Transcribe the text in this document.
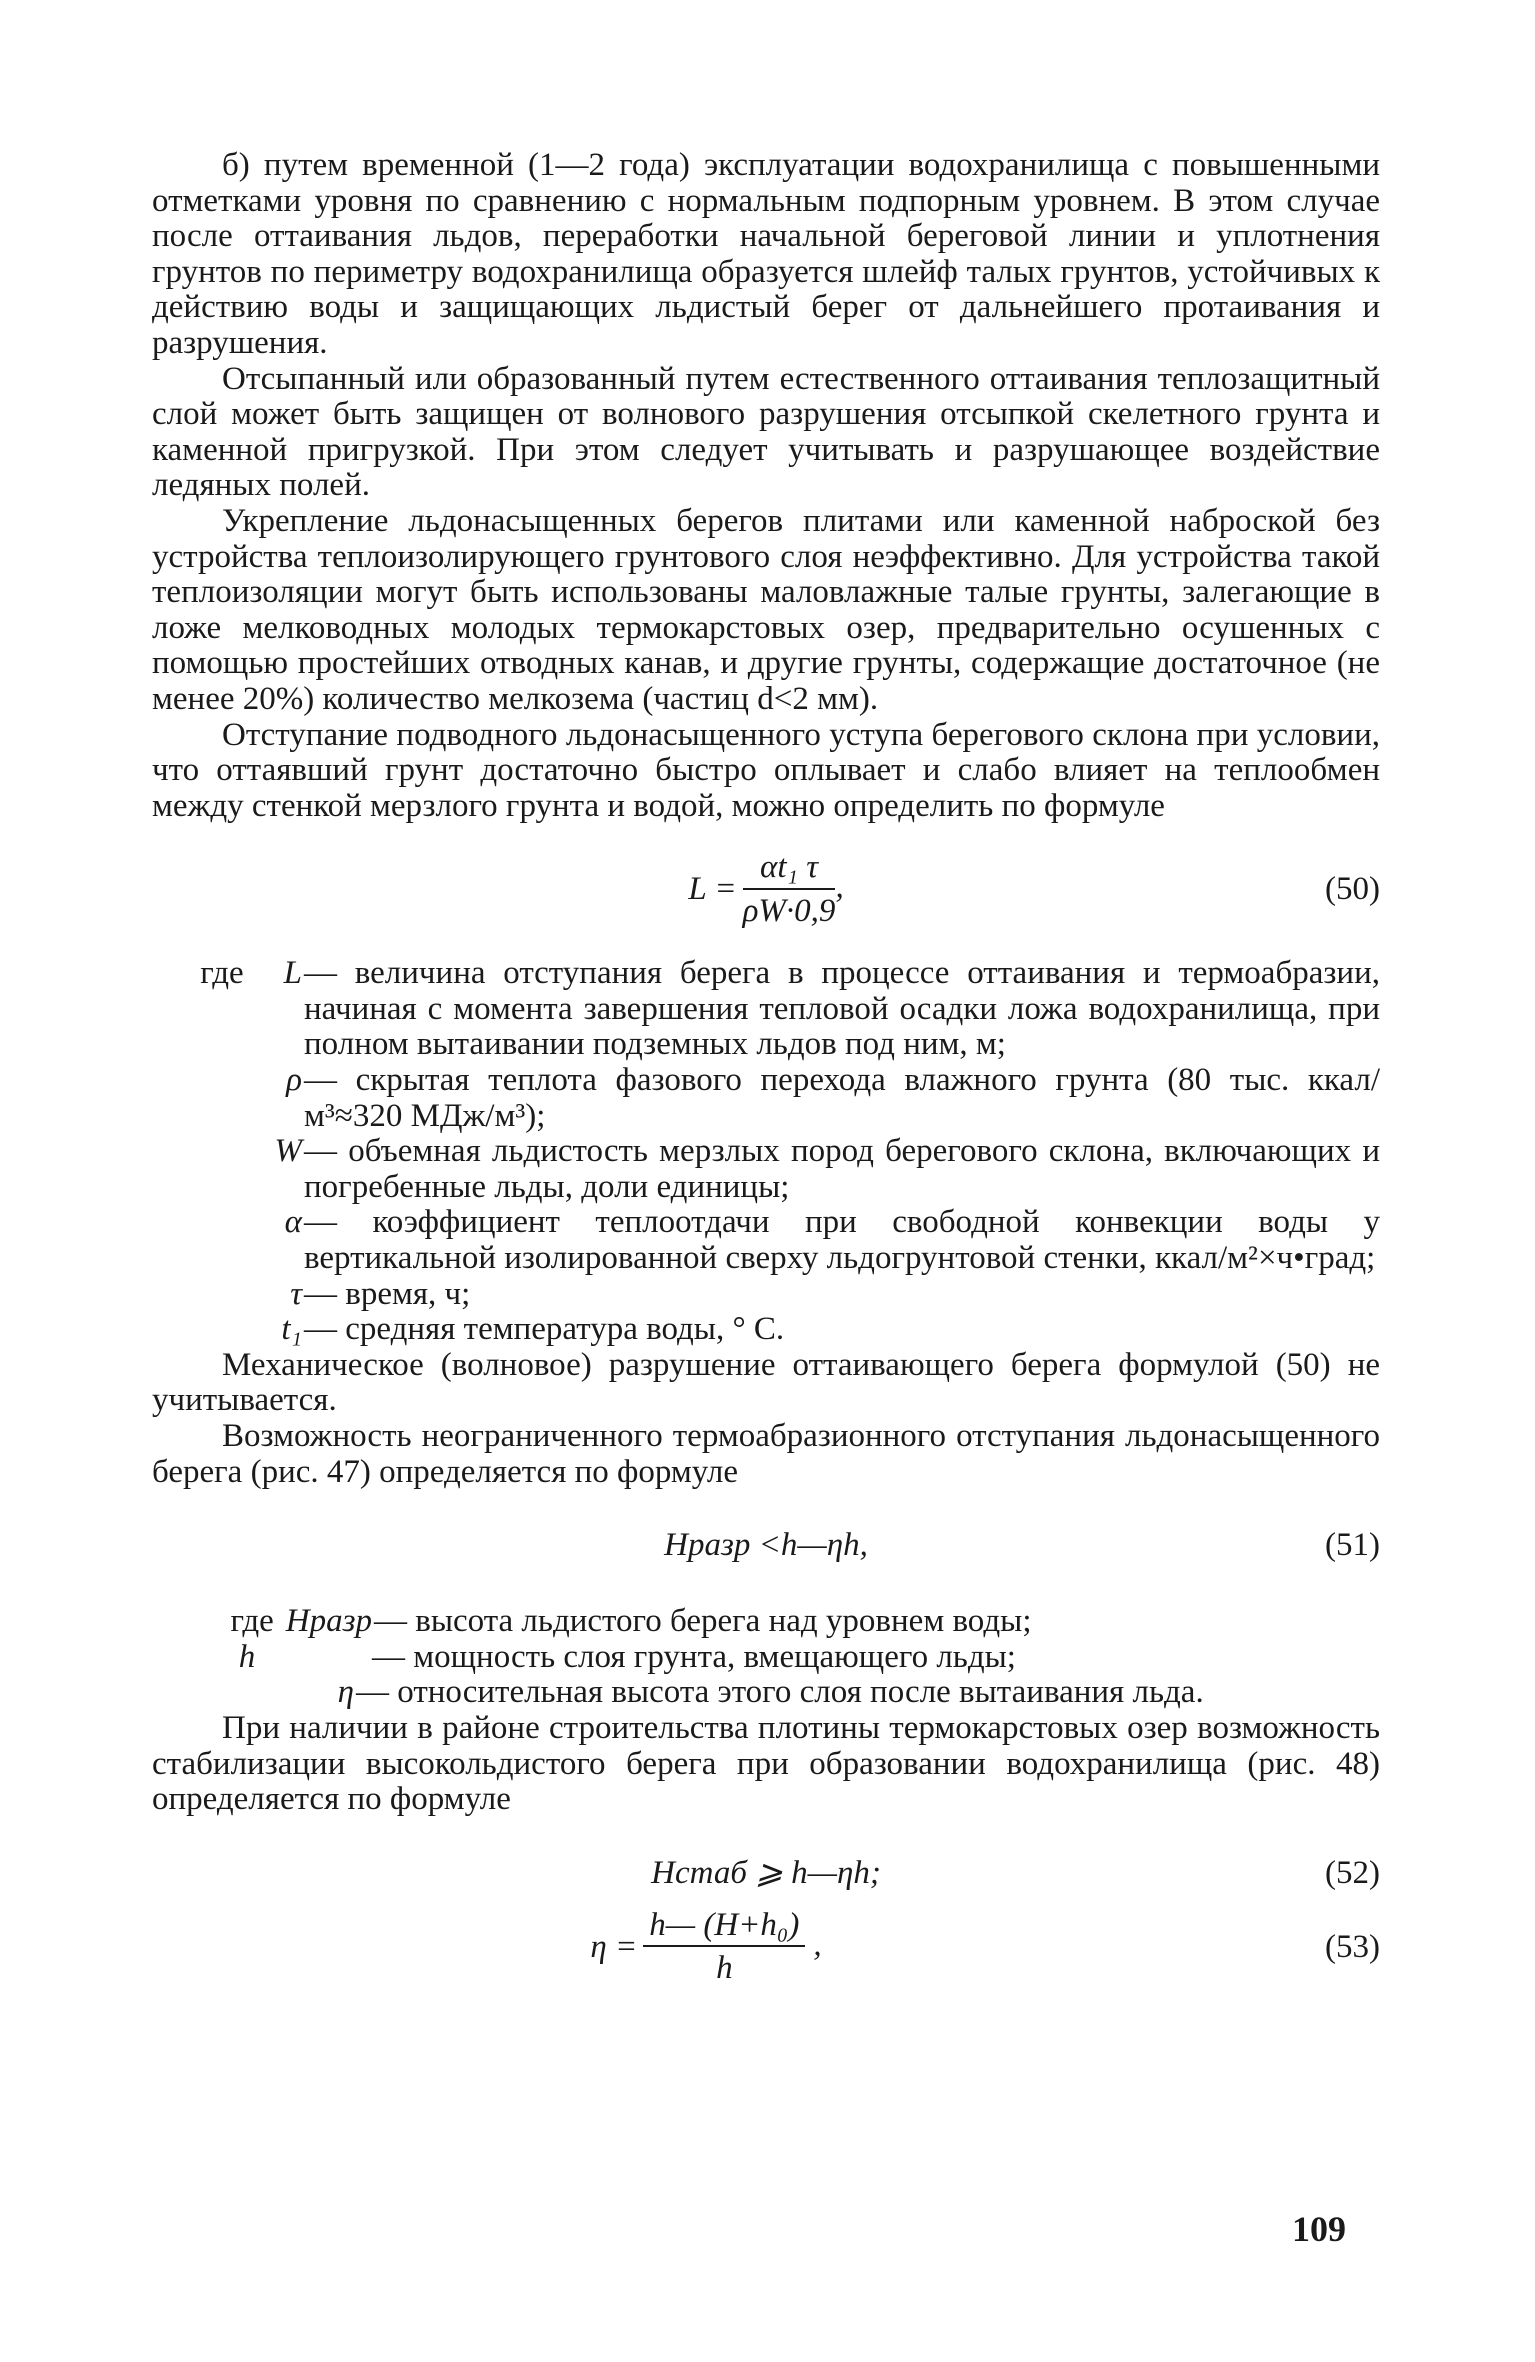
б) путем временной (1—2 года) эксплуатации водохранилища с повышенными отметками уровня по сравнению с нормальным подпорным уровнем. В этом случае после оттаивания льдов, переработки начальной береговой линии и уплотнения грунтов по периметру водохранилища образуется шлейф талых грунтов, устойчивых к действию воды и защищающих льдистый берег от дальнейшего протаивания и разрушения.

Отсыпанный или образованный путем естественного оттаивания теплозащитный слой может быть защищен от волнового разрушения отсыпкой скелетного грунта и каменной пригрузкой. При этом следует учитывать и разрушающее воздействие ледяных полей.

Укрепление льдонасыщенных берегов плитами или каменной наброской без устройства теплоизолирующего грунтового слоя неэффективно. Для устройства такой теплоизоляции могут быть использованы маловлажные талые грунты, залегающие в ложе мелководных молодых термокарстовых озер, предварительно осушенных с помощью простейших отводных канав, и другие грунты, содержащие достаточное (не менее 20%) количество мелкозема (частиц d<2 мм).

Отступание подводного льдонасыщенного уступа берегового склона при условии, что оттаявший грунт достаточно быстро оплывает и слабо влияет на теплообмен между стенкой мерзлого грунта и водой, можно определить по формуле

$L = \frac{\text{αt₁ τ}}{\rho W\cdot 0,9}$ ,	(50)
где L — величина отступания берега в процессе оттаивания и термоабразии, начиная с момента завершения тепловой осадки ложа водохранилища, при полном вытаивании подземных льдов под ним, м;
ρ — скрытая теплота фазового перехода влажного грунта (80 тыс. ккал/м³≈320 МДж/м³);
W — объемная льдистость мерзлых пород берегового склона, включающих и погребенные льды, доли единицы;
α — коэффициент теплоотдачи при свободной конвекции воды у вертикальной изолированной сверху льдогрунтовой стенки, ккал/м²×ч•град;
τ — время, ч;
t₁ — средняя температура воды, ° С.

Механическое (волновое) разрушение оттаивающего берега формулой (50) не учитывается.

Возможность неограниченного термоабразионного отступания льдонасыщенного берега (рис. 47) определяется по формуле

Hразр <h—ηh,	(51)
где Hразр — высота льдистого берега над уровнем воды;
h	— мощность слоя грунта, вмещающего льды;
η — относительная высота этого слоя после вытаивания льда.

При наличии в районе строительства плотины термокарстовых озер возможность стабилизации высокольдистого берега при образовании водохранилища (рис. 48) определяется по формуле

Hстаб ⩾ h—ηh;	(52)
$\eta = \frac{\text{h— (H+h₀)}}{h}$ ,	(53)
109
